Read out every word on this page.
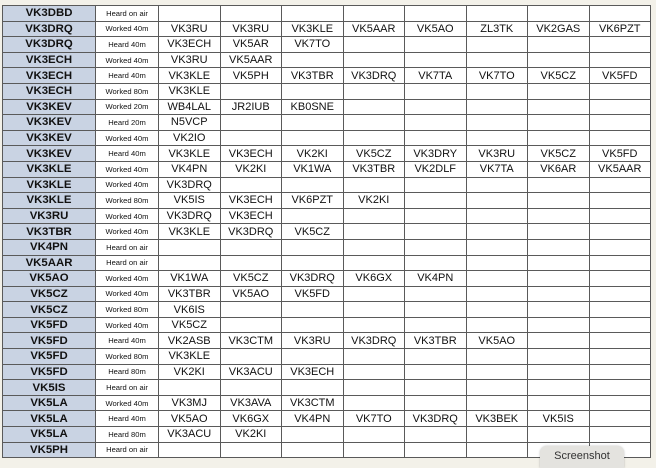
VK3DBD	Heard on air								
VK3DRQ	Worked 40m	VK3RU	VK3RU	VK3KLE	VK5AAR	VK5AO	ZL3TK	VK2GAS	VK6PZT
VK3DRQ	Heard 40m	VK3ECH	VK5AR	VK7TO					
VK3ECH	Worked 40m	VK3RU	VK5AAR						
VK3ECH	Heard 40m	VK3KLE	VK5PH	VK3TBR	VK3DRQ	VK7TA	VK7TO	VK5CZ	VK5FD
VK3ECH	Worked 80m	VK3KLE							
VK3KEV	Worked 20m	WB4LAL	JR2IUB	KB0SNE					
VK3KEV	Heard 20m	N5VCP							
VK3KEV	Worked 40m	VK2IO							
VK3KEV	Heard 40m	VK3KLE	VK3ECH	VK2KI	VK5CZ	VK3DRY	VK3RU	VK5CZ	VK5FD
VK3KLE	Worked 40m	VK4PN	VK2KI	VK1WA	VK3TBR	VK2DLF	VK7TA	VK6AR	VK5AAR
VK3KLE	Worked 40m	VK3DRQ							
VK3KLE	Worked 80m	VK5IS	VK3ECH	VK6PZT	VK2KI				
VK3RU	Worked 40m	VK3DRQ	VK3ECH						
VK3TBR	Worked 40m	VK3KLE	VK3DRQ	VK5CZ					
VK4PN	Heard on air								
VK5AAR	Heard on air								
VK5AO	Worked 40m	VK1WA	VK5CZ	VK3DRQ	VK6GX	VK4PN			
VK5CZ	Worked 40m	VK3TBR	VK5AO	VK5FD					
VK5CZ	Worked 80m	VK6IS							
VK5FD	Worked 40m	VK5CZ							
VK5FD	Heard 40m	VK2ASB	VK3CTM	VK3RU	VK3DRQ	VK3TBR	VK5AO		
VK5FD	Worked 80m	VK3KLE							
VK5FD	Heard 80m	VK2KI	VK3ACU	VK3ECH					
VK5IS	Heard on air								
VK5LA	Worked 40m	VK3MJ	VK3AVA	VK3CTM					
VK5LA	Heard 40m	VK5AO	VK6GX	VK4PN	VK7TO	VK3DRQ	VK3BEK	VK5IS	
VK5LA	Heard 80m	VK3ACU	VK2KI						
VK5PH	Heard on air								
Screenshot
